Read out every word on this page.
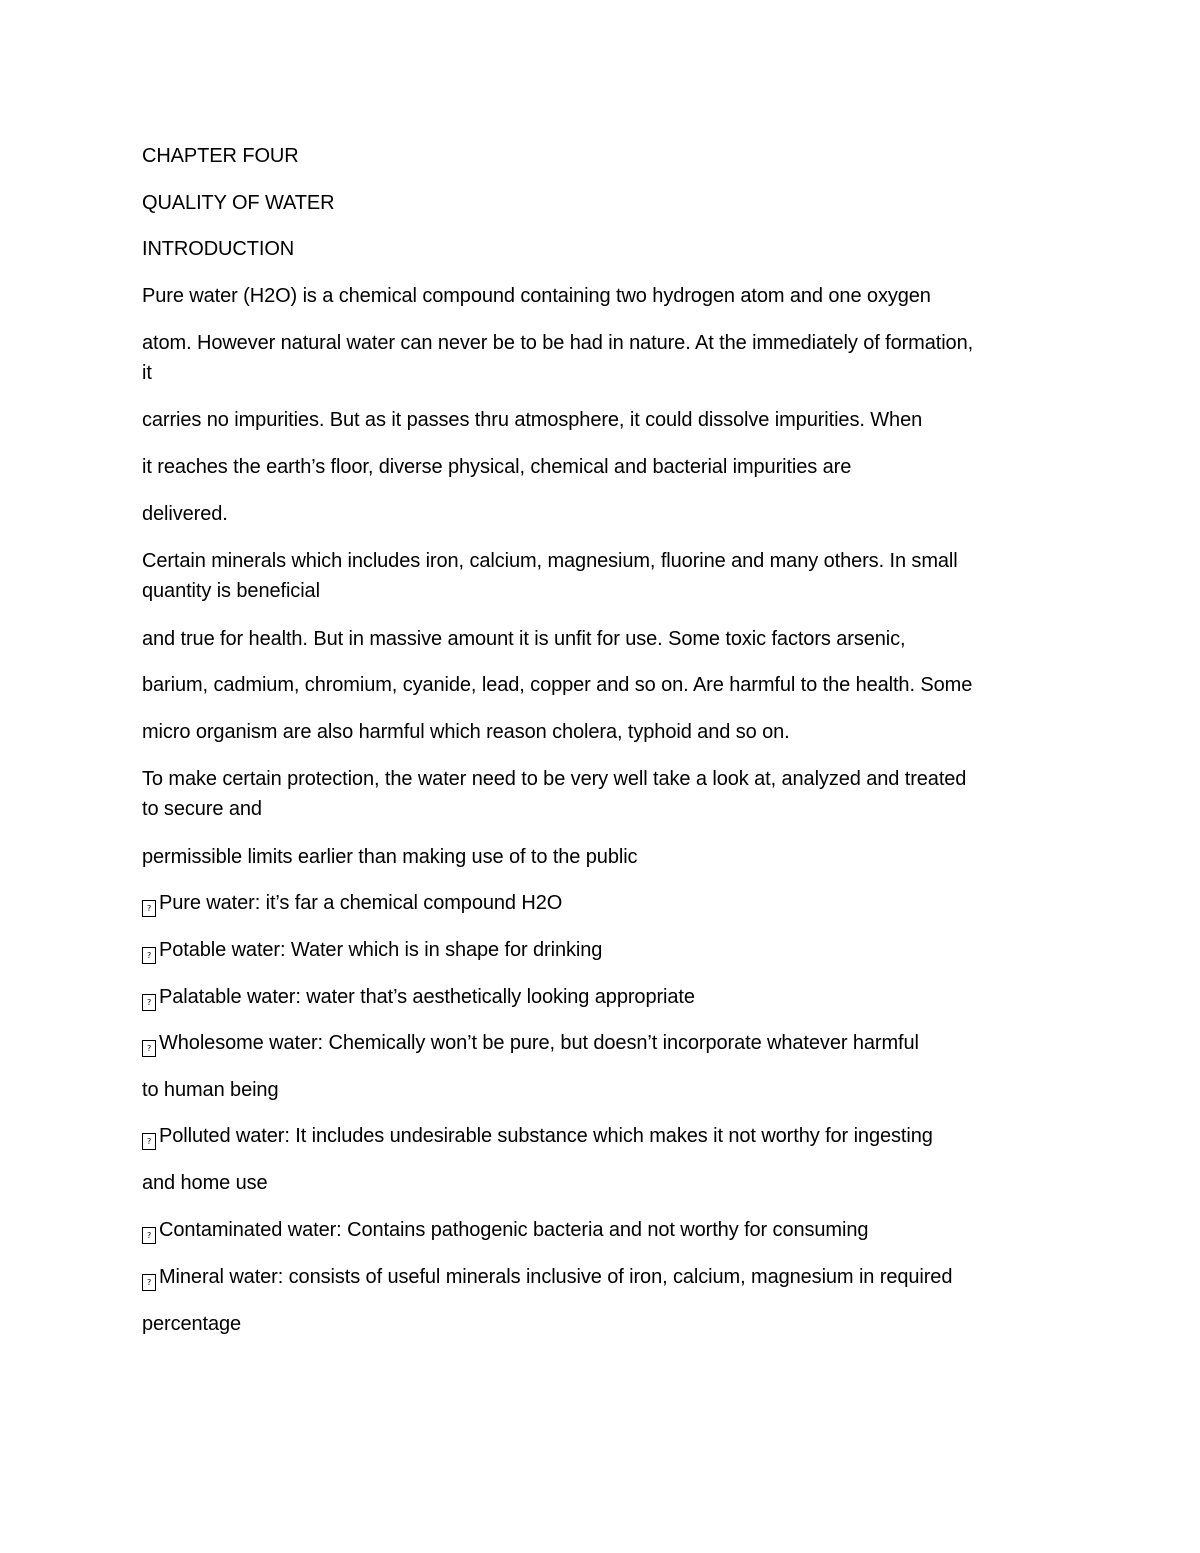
CHAPTER FOUR
QUALITY OF WATER
INTRODUCTION
Pure water (H2O) is a chemical compound containing two hydrogen atom and one oxygen
atom. However natural water can never be to be had in nature. At the immediately of formation,
it
carries no impurities. But as it passes thru atmosphere, it could dissolve impurities. When
it reaches the earth’s floor, diverse physical, chemical and bacterial impurities are
delivered.
Certain minerals which includes iron, calcium, magnesium, fluorine and many others. In small
quantity is beneficial
and true for health. But in massive amount it is unfit for use. Some toxic factors arsenic,
barium, cadmium, chromium, cyanide, lead, copper and so on. Are harmful to the health. Some
micro organism are also harmful which reason cholera, typhoid and so on.
To make certain protection, the water need to be very well take a look at, analyzed and treated
to secure and
permissible limits earlier than making use of to the public
? Pure water: it’s far a chemical compound H2O
? Potable water: Water which is in shape for drinking
? Palatable water: water that’s aesthetically looking appropriate
? Wholesome water: Chemically won’t be pure, but doesn’t incorporate whatever harmful
to human being
? Polluted water: It includes undesirable substance which makes it not worthy for ingesting
and home use
? Contaminated water: Contains pathogenic bacteria and not worthy for consuming
? Mineral water: consists of useful minerals inclusive of iron, calcium, magnesium in required
percentage
